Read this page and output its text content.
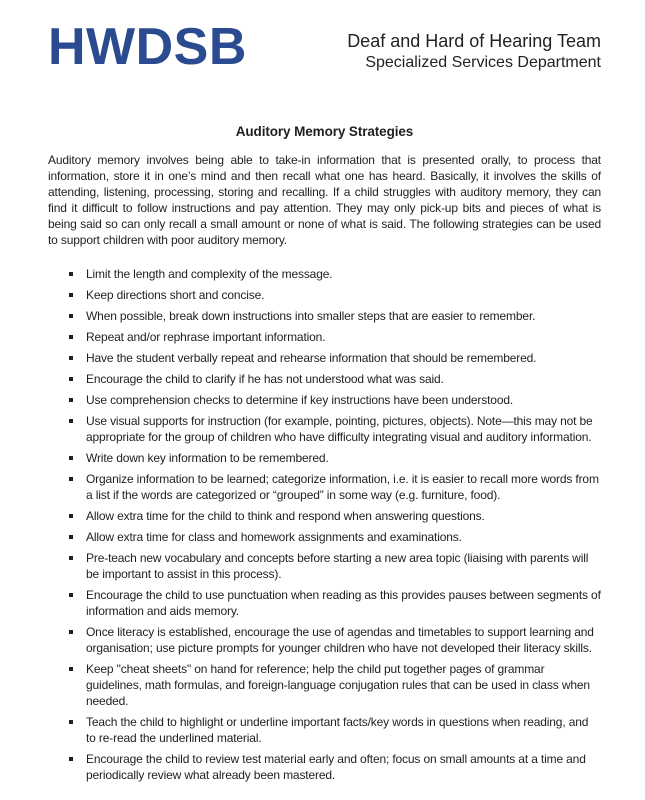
HWDSB	Deaf and Hard of Hearing Team
Specialized Services Department
Auditory Memory Strategies

Auditory memory involves being able to take-in information that is presented orally, to process that information, store it in one’s mind and then recall what one has heard. Basically, it involves the skills of attending, listening, processing, storing and recalling. If a child struggles with auditory memory, they can find it difficult to follow instructions and pay attention. They may only pick-up bits and pieces of what is being said so can only recall a small amount or none of what is said. The following strategies can be used to support children with poor auditory memory.

Limit the length and complexity of the message.
Keep directions short and concise.
When possible, break down instructions into smaller steps that are easier to remember.
Repeat and/or rephrase important information.
Have the student verbally repeat and rehearse information that should be remembered.
Encourage the child to clarify if he has not understood what was said.
Use comprehension checks to determine if key instructions have been understood.
Use visual supports for instruction (for example, pointing, pictures, objects). Note—this may not be appropriate for the group of children who have difficulty integrating visual and auditory information.
Write down key information to be remembered.
Organize information to be learned; categorize information, i.e. it is easier to recall more words from a list if the words are categorized or “grouped” in some way (e.g. furniture, food).
Allow extra time for the child to think and respond when answering questions.
Allow extra time for class and homework assignments and examinations.
Pre-teach new vocabulary and concepts before starting a new area topic (liaising with parents will be important to assist in this process).
Encourage the child to use punctuation when reading as this provides pauses between segments of information and aids memory.
Once literacy is established, encourage the use of agendas and timetables to support learning and organisation; use picture prompts for younger children who have not developed their literacy skills.
Keep "cheat sheets" on hand for reference; help the child put together pages of grammar guidelines, math formulas, and foreign-language conjugation rules that can be used in class when needed.
Teach the child to highlight or underline important facts/key words in questions when reading, and to re-read the underlined material.
Encourage the child to review test material early and often; focus on small amounts at a time and periodically review what already been mastered.
